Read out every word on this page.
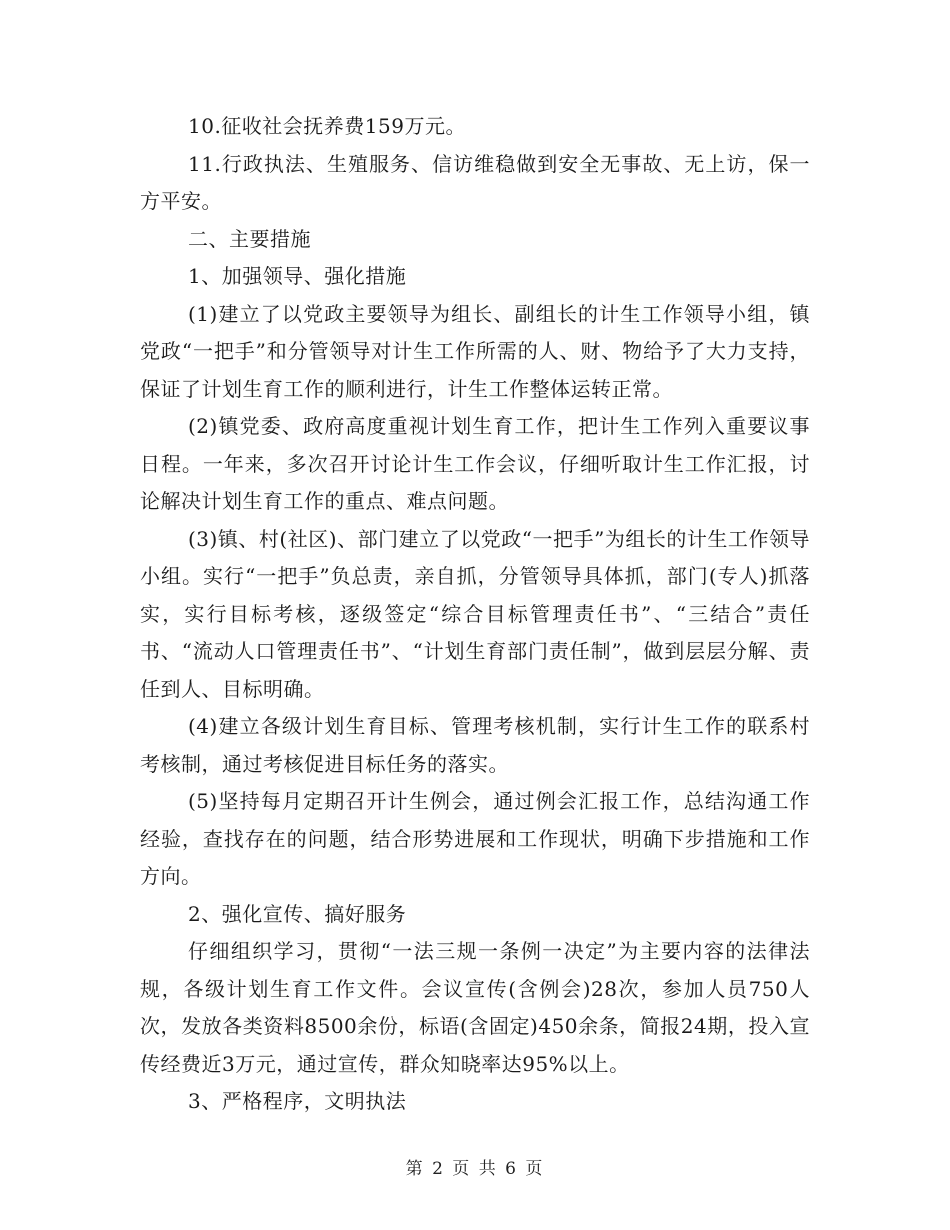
10.征收社会抚养费159万元。

11.行政执法、生殖服务、信访维稳做到安全无事故、无上访，保一方平安。

二、主要措施

1、加强领导、强化措施

(1)建立了以党政主要领导为组长、副组长的计生工作领导小组，镇党政“一把手”和分管领导对计生工作所需的人、财、物给予了大力支持，保证了计划生育工作的顺利进行，计生工作整体运转正常。

(2)镇党委、政府高度重视计划生育工作，把计生工作列入重要议事日程。一年来，多次召开讨论计生工作会议，仔细听取计生工作汇报，讨论解决计划生育工作的重点、难点问题。

(3)镇、村(社区)、部门建立了以党政“一把手”为组长的计生工作领导小组。实行“一把手”负总责，亲自抓，分管领导具体抓，部门(专人)抓落实，实行目标考核，逐级签定“综合目标管理责任书”、“三结合”责任书、“流动人口管理责任书”、“计划生育部门责任制”，做到层层分解、责任到人、目标明确。

(4)建立各级计划生育目标、管理考核机制，实行计生工作的联系村考核制，通过考核促进目标任务的落实。

(5)坚持每月定期召开计生例会，通过例会汇报工作，总结沟通工作经验，查找存在的问题，结合形势进展和工作现状，明确下步措施和工作方向。

2、强化宣传、搞好服务

仔细组织学习，贯彻“一法三规一条例一决定”为主要内容的法律法规，各级计划生育工作文件。会议宣传(含例会)28次，参加人员750人次，发放各类资料8500余份，标语(含固定)450余条，简报24期，投入宣传经费近3万元，通过宣传，群众知晓率达95%以上。

3、严格程序，文明执法

第 2 页 共 6 页
